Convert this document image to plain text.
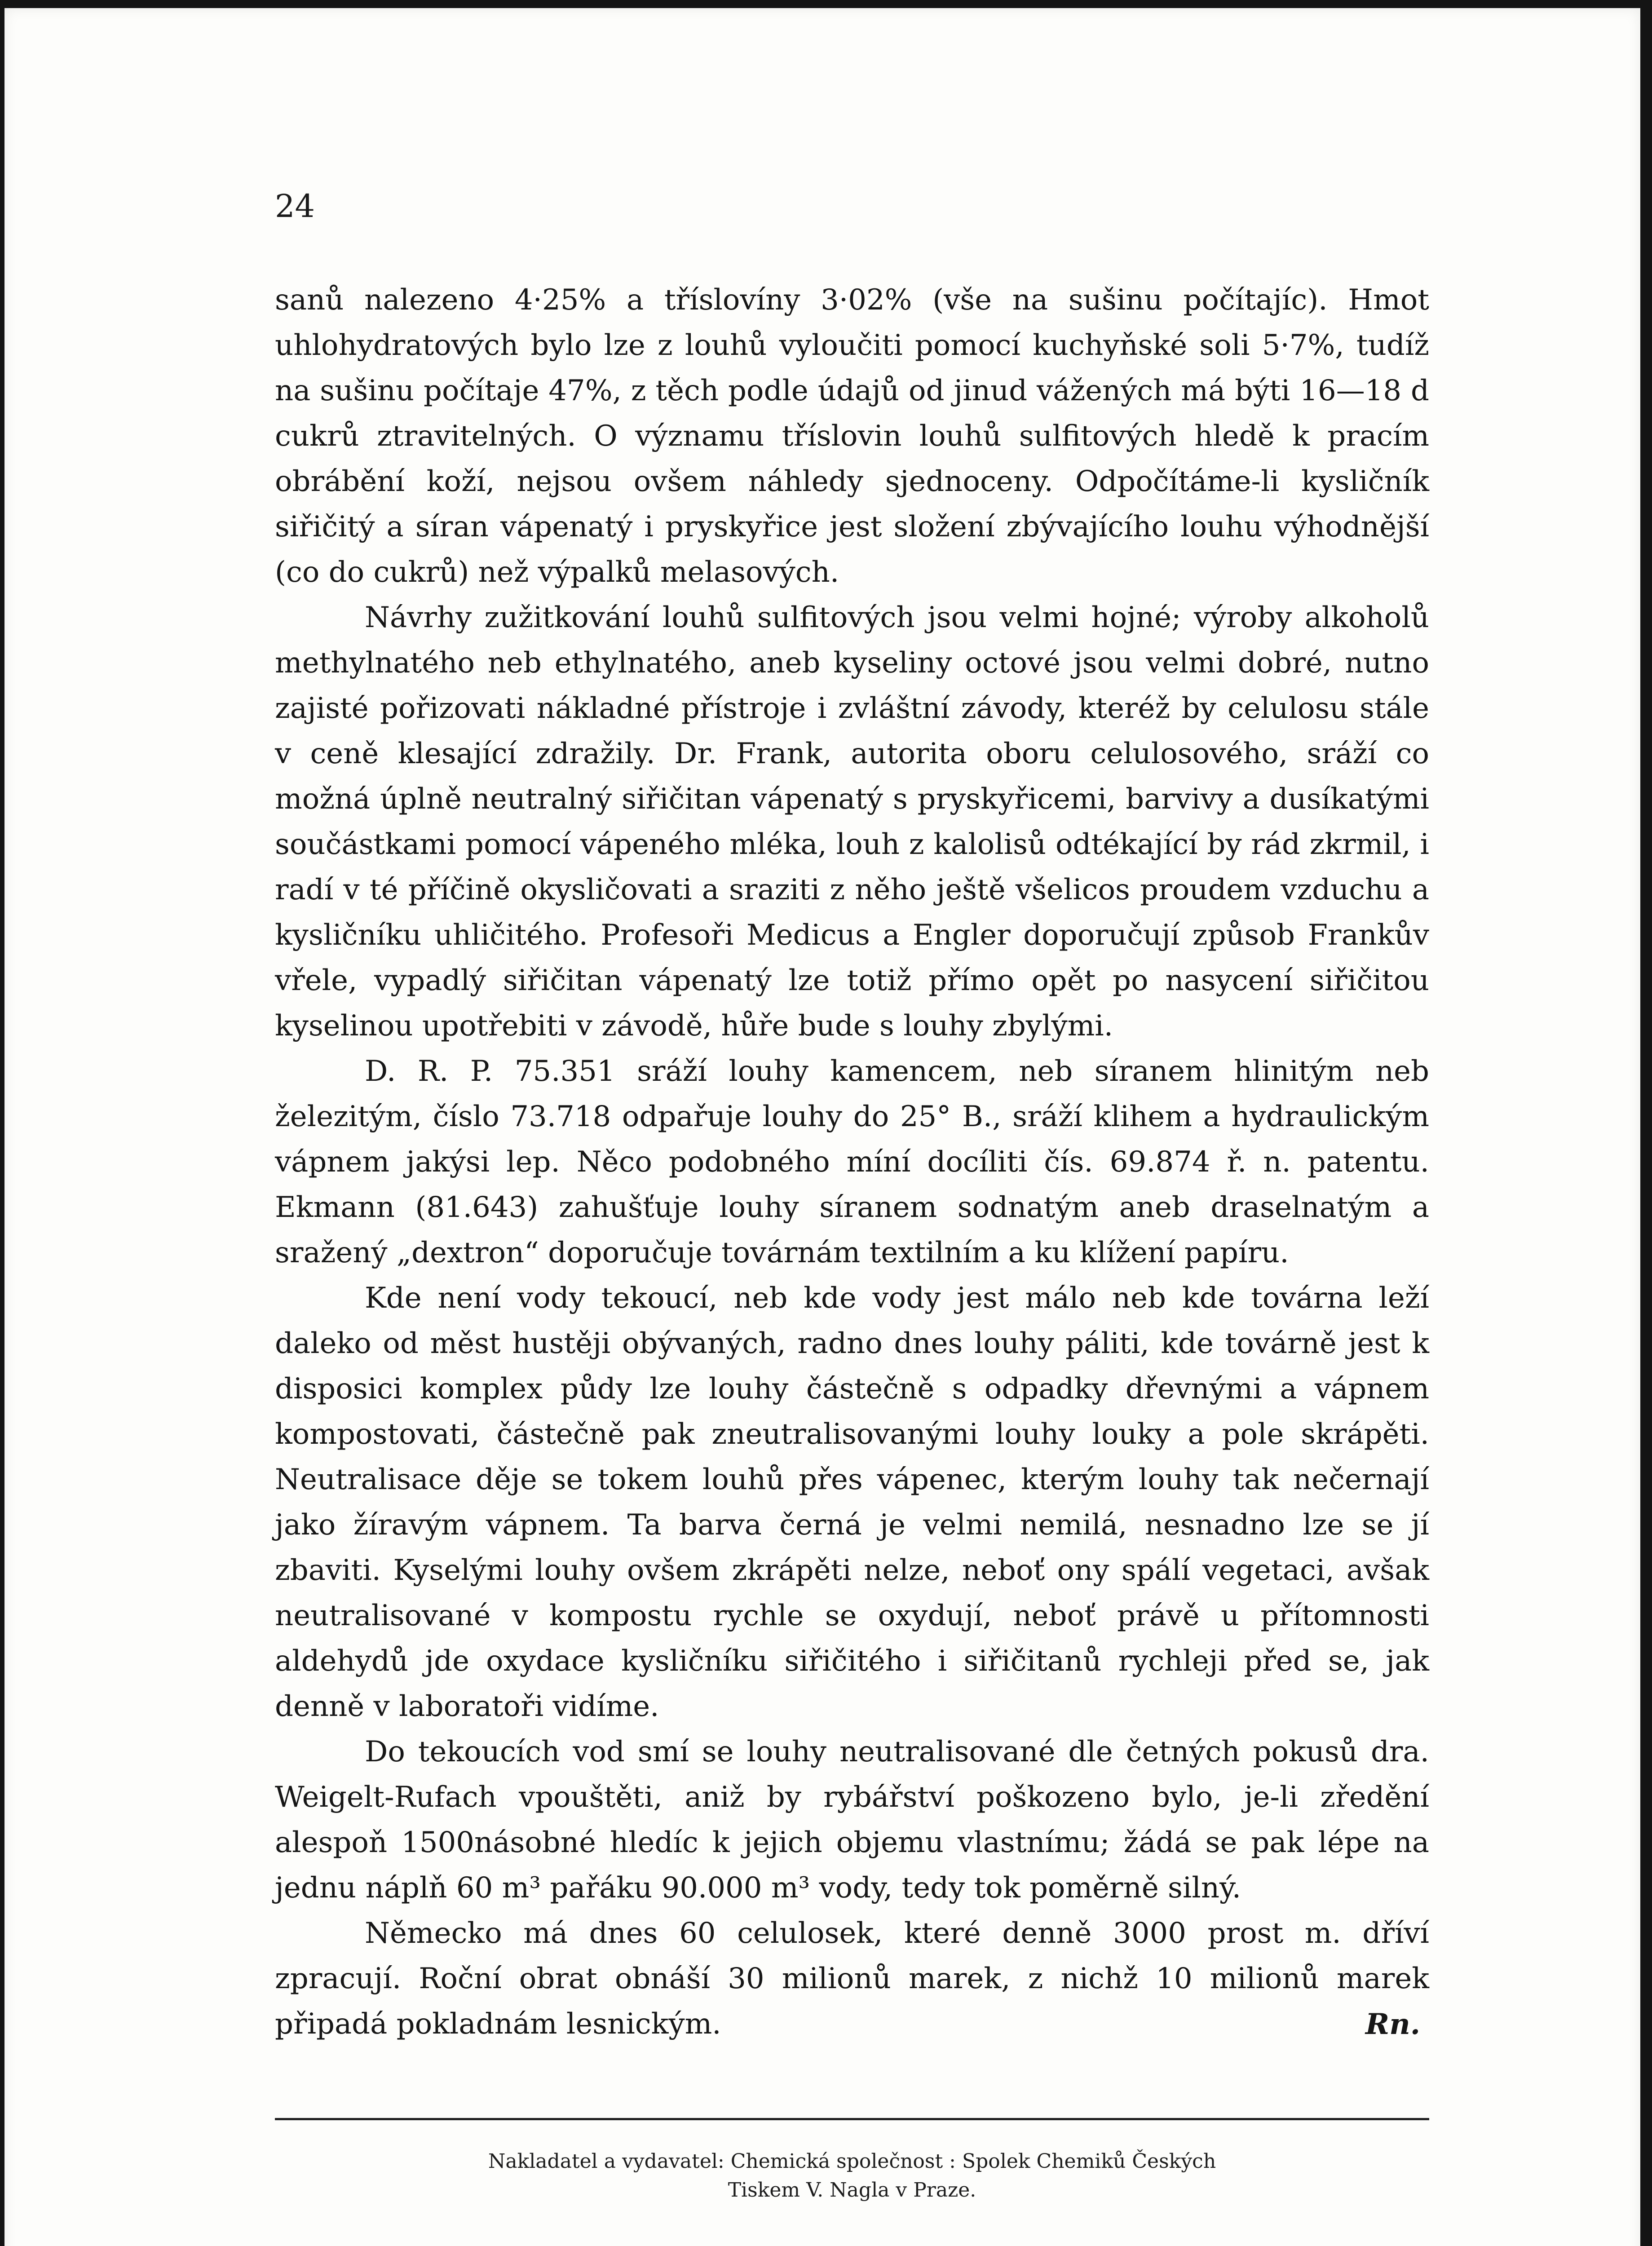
24

sanů nalezeno 4·25% a tříslovíny 3·02% (vše na sušinu počítajíc). Hmot uhlohydratových bylo lze z louhů vyloučiti pomocí kuchyňské soli 5·7%, tudíž na sušinu počítaje 47%, z těch podle údajů od jinud vážených má býti 16—18 d cukrů ztravitelných. O významu tříslovin louhů sulfitových hledě k pracím obrábění koží, nejsou ovšem náhledy sjednoceny. Odpočítáme-li kysličník siřičitý a síran vápenatý i pryskyřice jest složení zbývajícího louhu výhodnější (co do cukrů) než výpalků melasových.

Návrhy zužitkování louhů sulfitových jsou velmi hojné; výroby alkoholů methylnatého neb ethylnatého, aneb kyseliny octové jsou velmi dobré, nutno zajisté pořizovati nákladné přístroje i zvláštní závody, kteréž by celulosu stále v ceně klesající zdražily. Dr. Frank, autorita oboru celulosového, sráží co možná úplně neutralný siřičitan vápenatý s pryskyřicemi, barvivy a dusíkatými součástkami pomocí vápeného mléka, louh z kalolisů odtékající by rád zkrmil, i radí v té příčině okysličovati a sraziti z něho ještě všelicos proudem vzduchu a kysličníku uhličitého. Profesoři Medicus a Engler doporučují způsob Frankův vřele, vypadlý siřičitan vápenatý lze totiž přímo opět po nasycení siřičitou kyselinou upotřebiti v závodě, hůře bude s louhy zbylými.

D. R. P. 75.351 sráží louhy kamencem, neb síranem hlinitým neb železitým, číslo 73.718 odpařuje louhy do 25° B., sráží klihem a hydraulickým vápnem jakýsi lep. Něco podobného míní docíliti čís. 69.874 ř. n. patentu. Ekmann (81.643) zahušťuje louhy síranem sodnatým aneb draselnatým a sražený „dextron“ doporučuje továrnám textilním a ku klížení papíru.

Kde není vody tekoucí, neb kde vody jest málo neb kde továrna leží daleko od měst hustěji obývaných, radno dnes louhy páliti, kde továrně jest k disposici komplex půdy lze louhy částečně s odpadky dřevnými a vápnem kompostovati, částečně pak zneutralisovanými louhy louky a pole skrápěti. Neutralisace děje se tokem louhů přes vápenec, kterým louhy tak nečernají jako žíravým vápnem. Ta barva černá je velmi nemilá, nesnadno lze se jí zbaviti. Kyselými louhy ovšem zkrápěti nelze, neboť ony spálí vegetaci, avšak neutralisované v kompostu rychle se oxydují, neboť právě u přítomnosti aldehydů jde oxydace kysličníku siřičitého i siřičitanů rychleji před se, jak denně v laboratoři vidíme.

Do tekoucích vod smí se louhy neutralisované dle četných pokusů dra. Weigelt-Rufach vpouštěti, aniž by rybářství poškozeno bylo, je-li zředění alespoň 1500násobné hledíc k jejich objemu vlastnímu; žádá se pak lépe na jednu náplň 60 m³ pařáku 90.000 m³ vody, tedy tok poměrně silný.

Německo má dnes 60 celulosek, které denně 3000 prost m. dříví zpracují. Roční obrat obnáší 30 milionů marek, z nichž 10 milionů marek připadá pokladnám lesnickým.	Rn.
Nakladatel a vydavatel: Chemická společnost : Spolek Chemiků Českých
Tiskem V. Nagla v Praze.
